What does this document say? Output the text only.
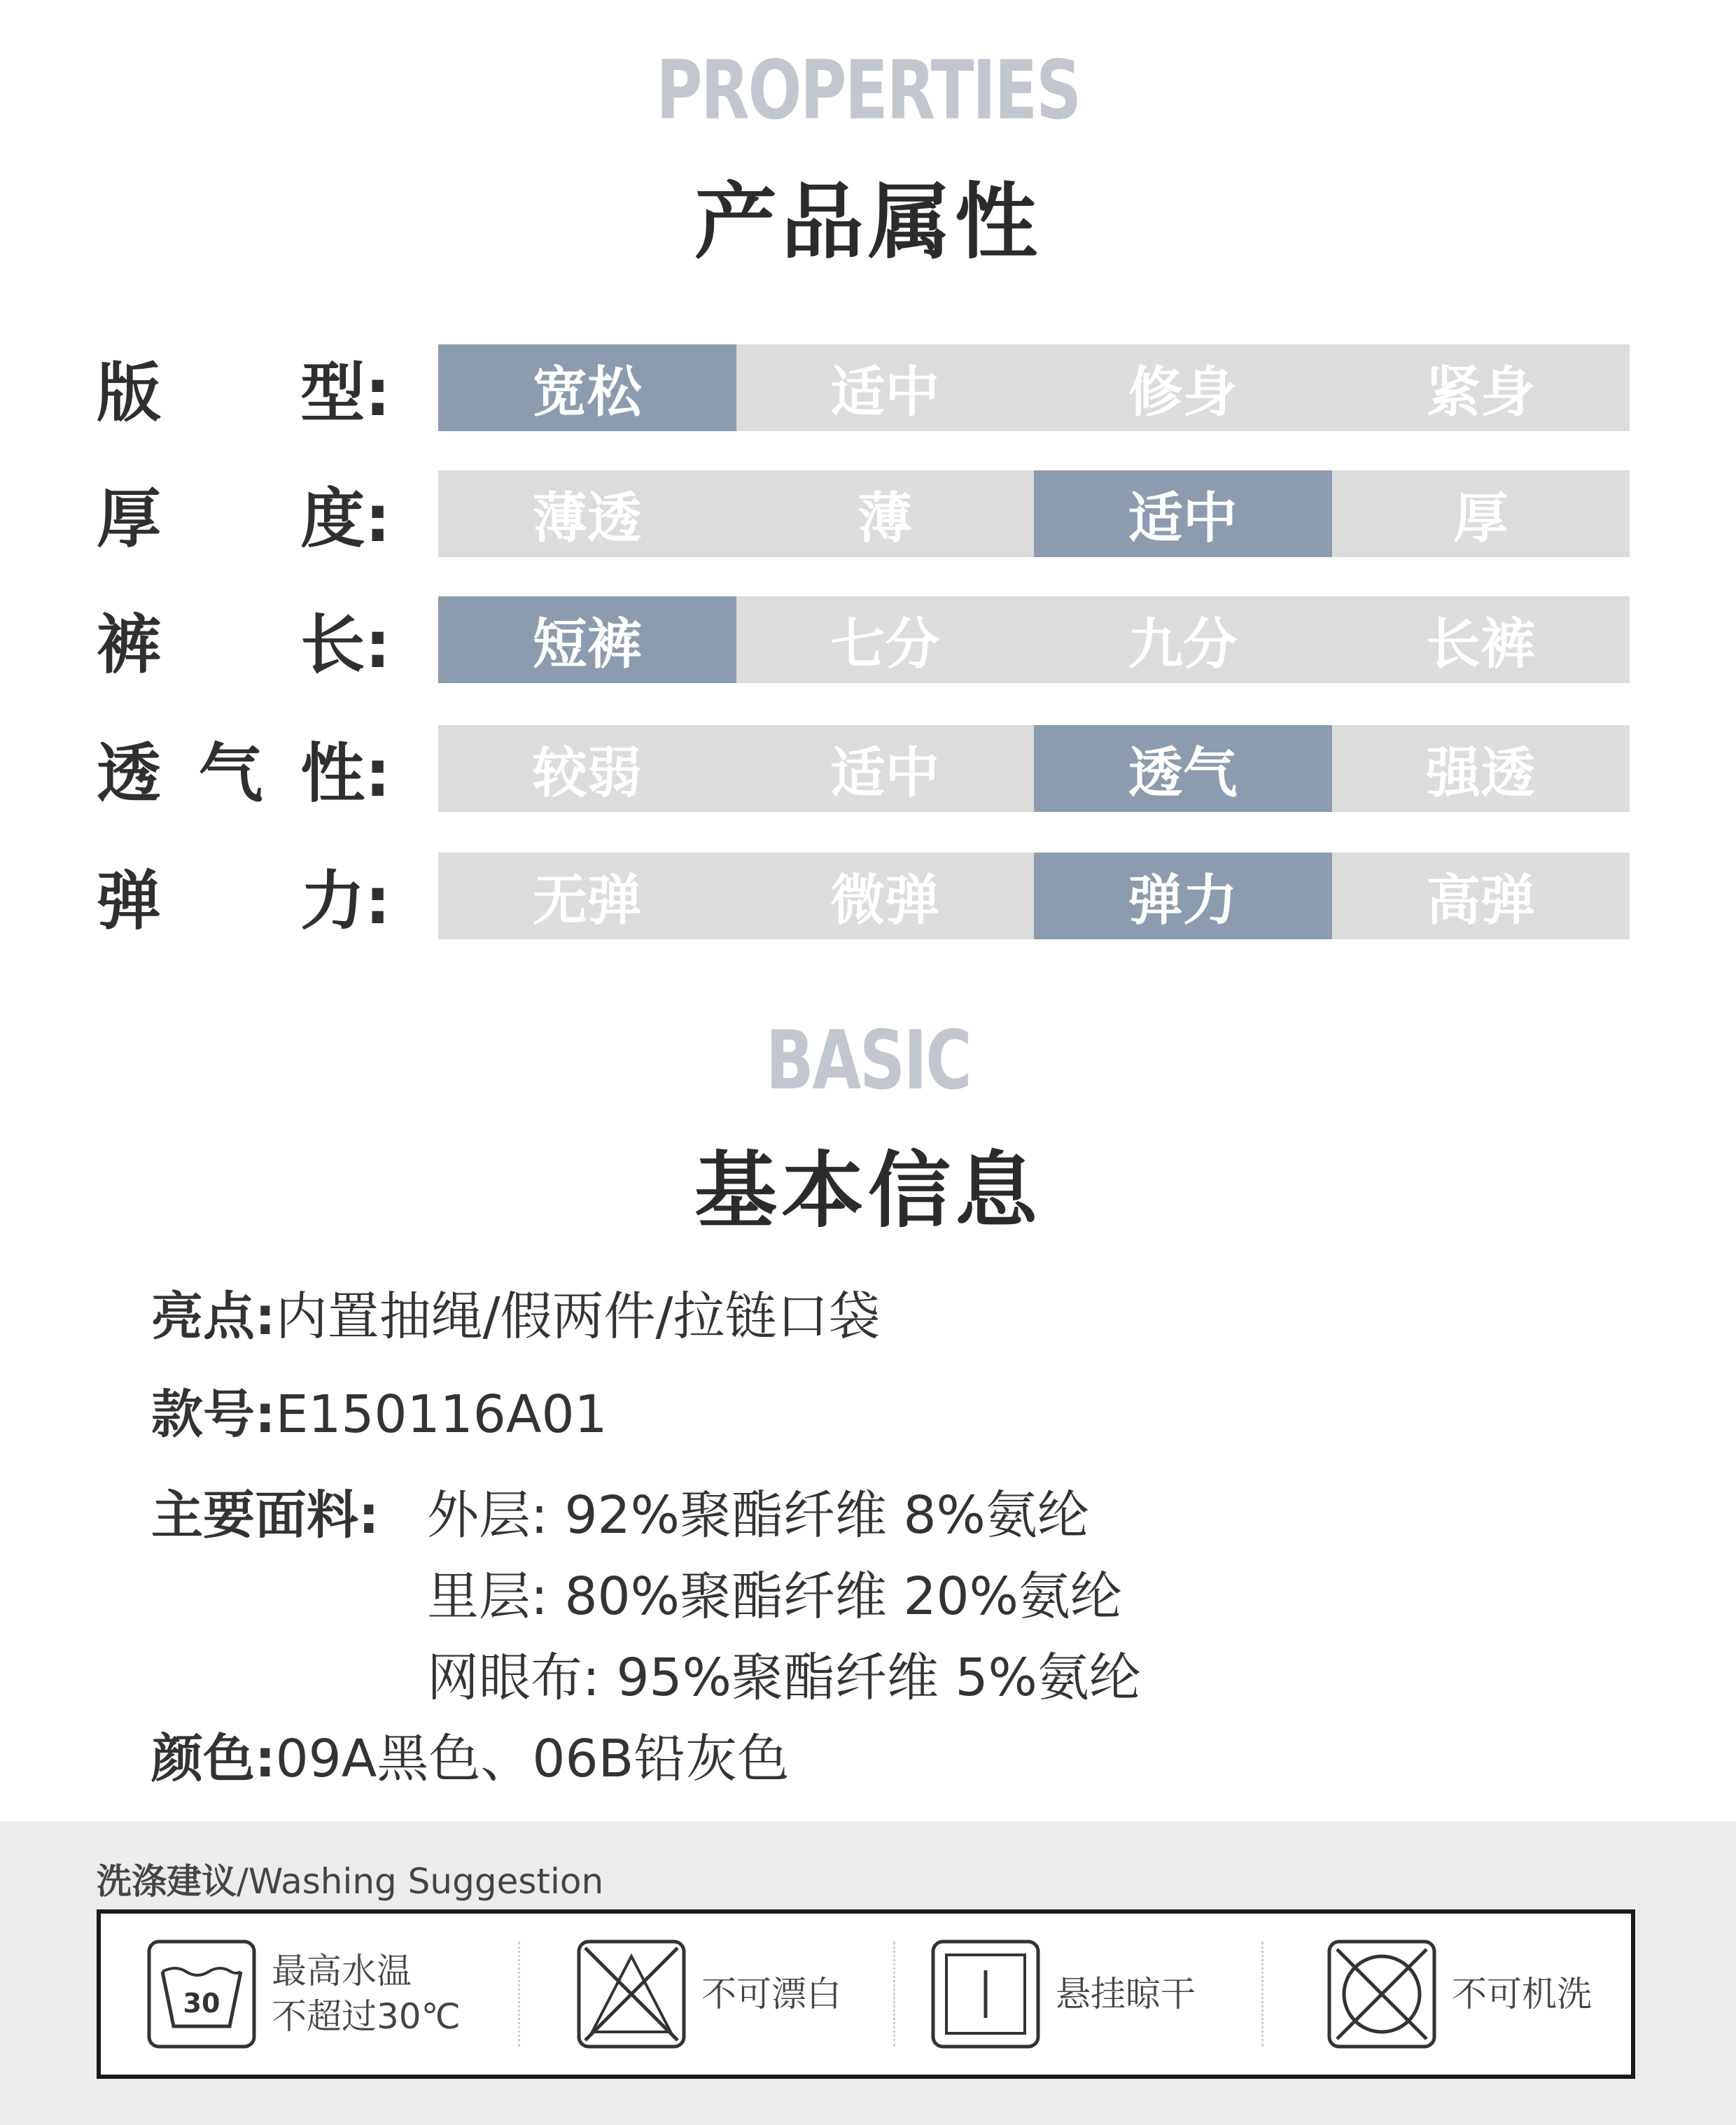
PROPERTIES
产品属性
版 型:	宽松	适中	修身	紧身
厚 度:	薄透	薄	适中	厚
裤 长:	短裤	七分	九分	长裤
透 气 性:	较弱	适中	透气	强透
弹 力:	无弹	微弹	弹力	高弹
BASIC
基本信息
亮点:内置抽绳/假两件/拉链口袋
款号:E150116A01
主要面料: 外层: 92%聚酯纤维 8%氨纶
里层: 80%聚酯纤维 20%氨纶
网眼布: 95%聚酯纤维 5%氨纶
颜色:09A黑色、06B铅灰色
洗涤建议/Washing Suggestion
30
最高水温
不超过30℃
不可漂白	悬挂晾干	不可机洗
